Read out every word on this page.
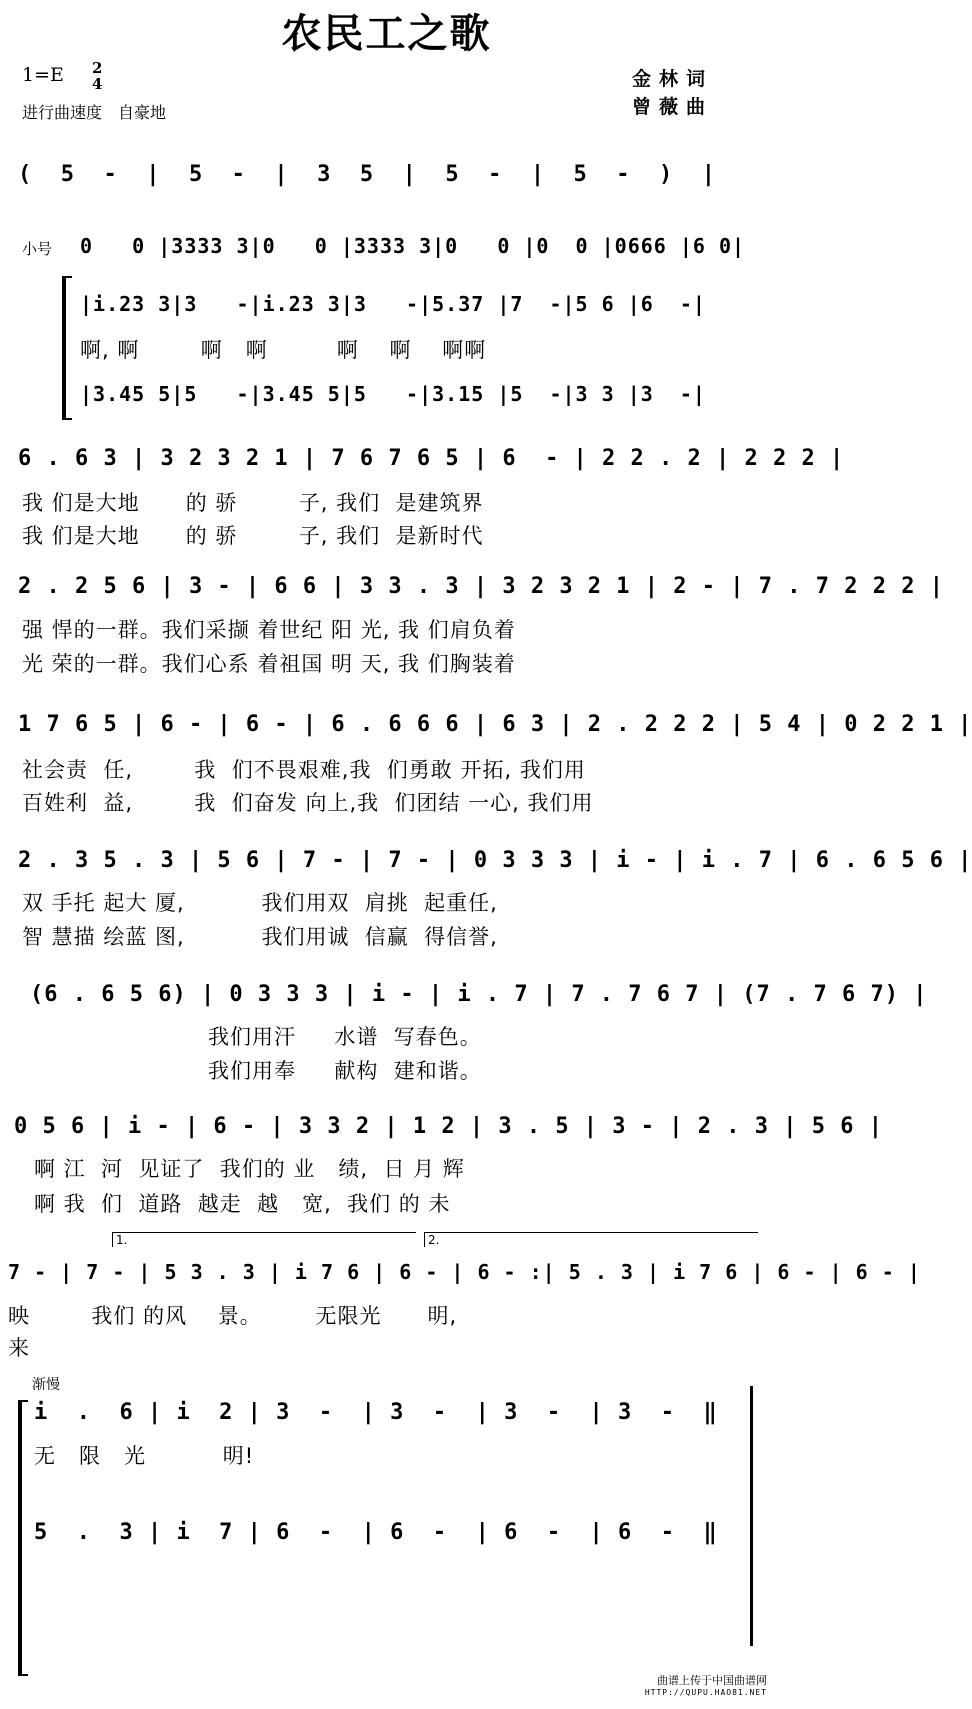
农民工之歌
1=E 2
4
进行曲速度　自豪地
金林词
曾薇曲
(  5  -  |  5  -  |  3  5  |  5  -  |  5  -  )  |
小号 0   0 |3333 3|0   0 |3333 3|0   0 |0  0 |0666 |6 0|
|i.23 3|3   -|i.23 3|3   -|5.37 |7  -|5 6 |6  -|
啊, 啊        啊   啊         啊    啊    啊啊
|3.45 5|5   -|3.45 5|5   -|3.15 |5  -|3 3 |3  -|
6 . 6 3 | 3 2 3 2 1 | 7 6 7 6 5 | 6  - | 2 2 . 2 | 2 2 2 |
我 们是大地      的 骄        子, 我们  是建筑界
我 们是大地      的 骄        子, 我们  是新时代
2 . 2 5 6 | 3 - | 6 6 | 3 3 . 3 | 3 2 3 2 1 | 2 - | 7 . 7 2 2 2 |
强 悍的一群。我们采撷 着世纪 阳 光, 我 们肩负着
光 荣的一群。我们心系 着祖国 明 天, 我 们胸装着
1 7 6 5 | 6 - | 6 - | 6 . 6 6 6 | 6 3 | 2 . 2 2 2 | 5 4 | 0 2 2 1 |
社会责  任,        我  们不畏艰难,我  们勇敢 开拓, 我们用
百姓利  益,        我  们奋发 向上,我  们团结 一心, 我们用
2 . 3 5 . 3 | 5 6 | 7 - | 7 - | 0 3 3 3 | i - | i . 7 | 6 . 6 5 6 |
双 手托 起大 厦,          我们用双  肩挑  起重任,
智 慧描 绘蓝 图,          我们用诚  信赢  得信誉,
(6 . 6 5 6) | 0 3 3 3 | i - | i . 7 | 7 . 7 6 7 | (7 . 7 6 7) |
我们用汗     水谱  写春色。
我们用奉     献构  建和谐。
0 5 6 | i - | 6 - | 3 3 2 | 1 2 | 3 . 5 | 3 - | 2 . 3 | 5 6 |
啊 江  河  见证了  我们的 业   绩,  日 月 辉
啊 我  们  道路  越走  越   宽,  我们 的 未
1.	2.
7 - | 7 - | 5 3 . 3 | i 7 6 | 6 - | 6 - :| 5 . 3 | i 7 6 | 6 - | 6 - |
映        我们 的风    景。       无限光      明,
来
渐慢
i  .  6 | i  2 | 3  -  | 3  -  | 3  -  | 3  -  ‖
无   限   光          明!
5  .  3 | i  7 | 6  -  | 6  -  | 6  -  | 6  -  ‖
曲谱上传于中国曲谱网
HTTP://QUPU.HAO81.NET
